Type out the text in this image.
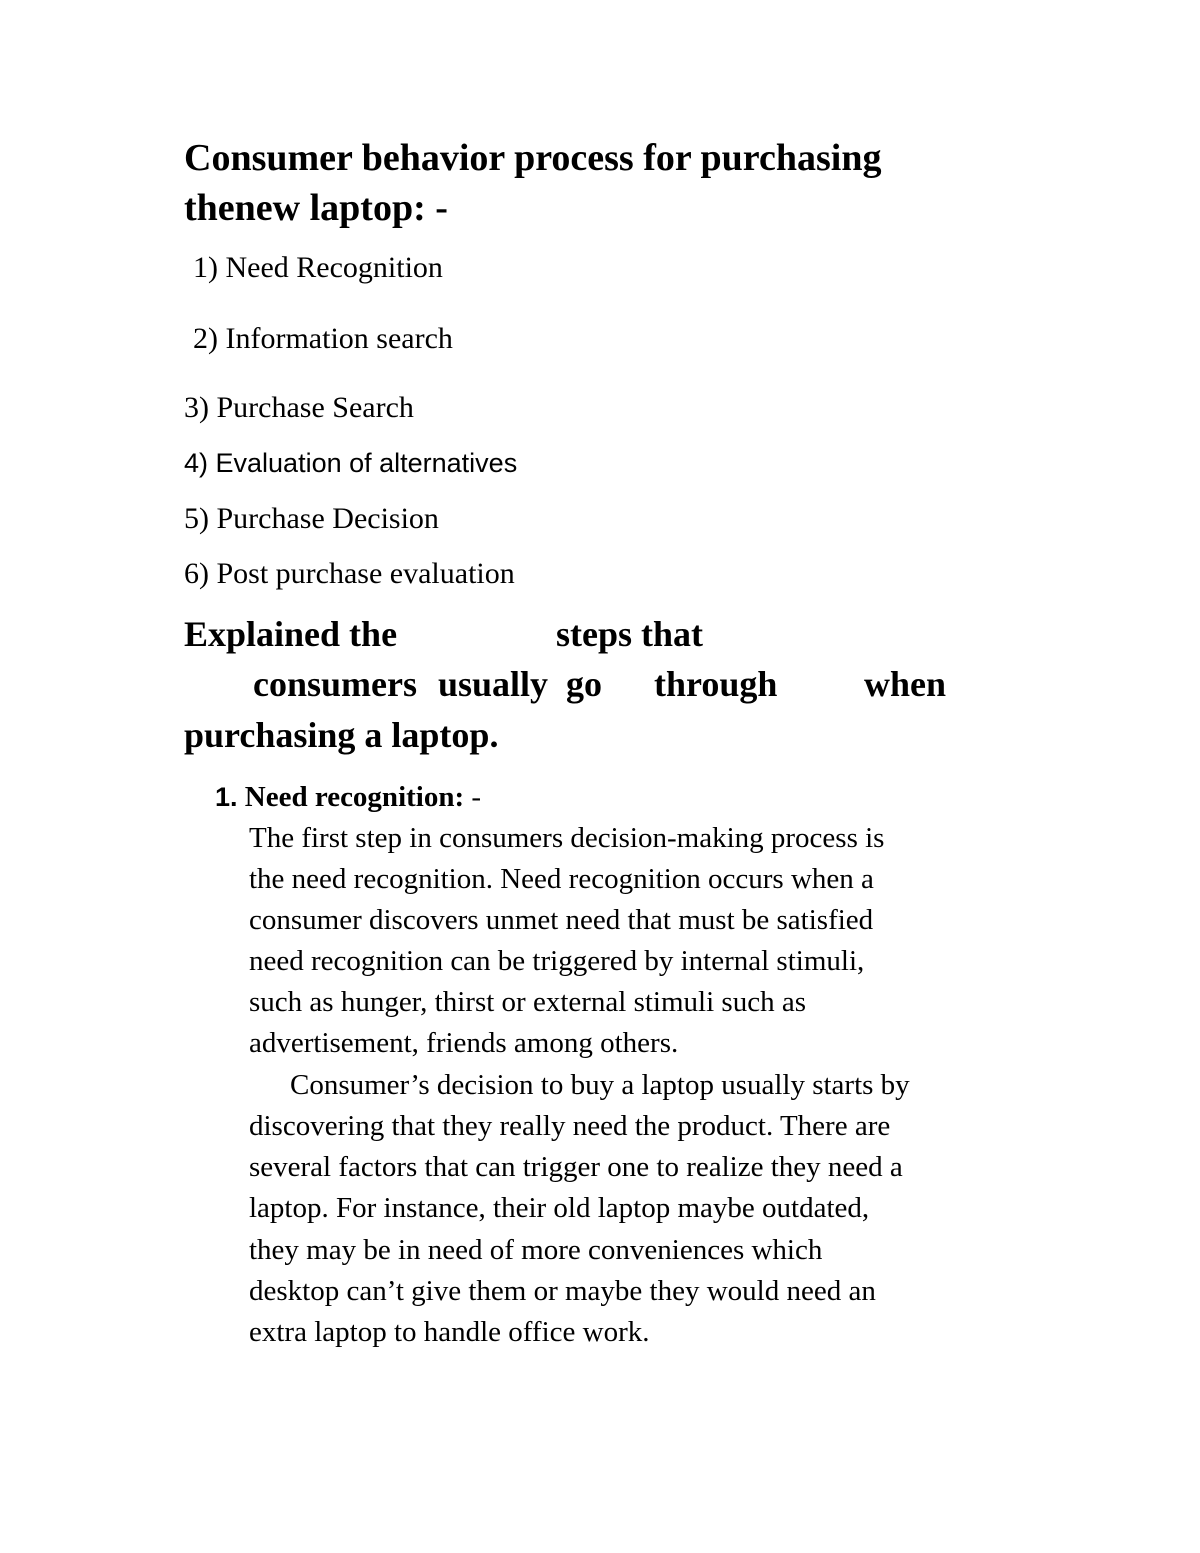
Consumer behavior process for purchasing
thenew laptop: -
1) Need Recognition
2) Information search
3) Purchase Search
4) Evaluation of alternatives
5) Purchase Decision
6) Post purchase evaluation
Explained the	steps that
consumers usually go through when
purchasing a laptop.
1. Need recognition: -
The first step in consumers decision-making process is
the need recognition. Need recognition occurs when a
consumer discovers unmet need that must be satisfied
need recognition can be triggered by internal stimuli,
such as hunger, thirst or external stimuli such as
advertisement, friends among others.
Consumer’s decision to buy a laptop usually starts by
discovering that they really need the product. There are
several factors that can trigger one to realize they need a
laptop. For instance, their old laptop maybe outdated,
they may be in need of more conveniences which
desktop can’t give them or maybe they would need an
extra laptop to handle office work.
